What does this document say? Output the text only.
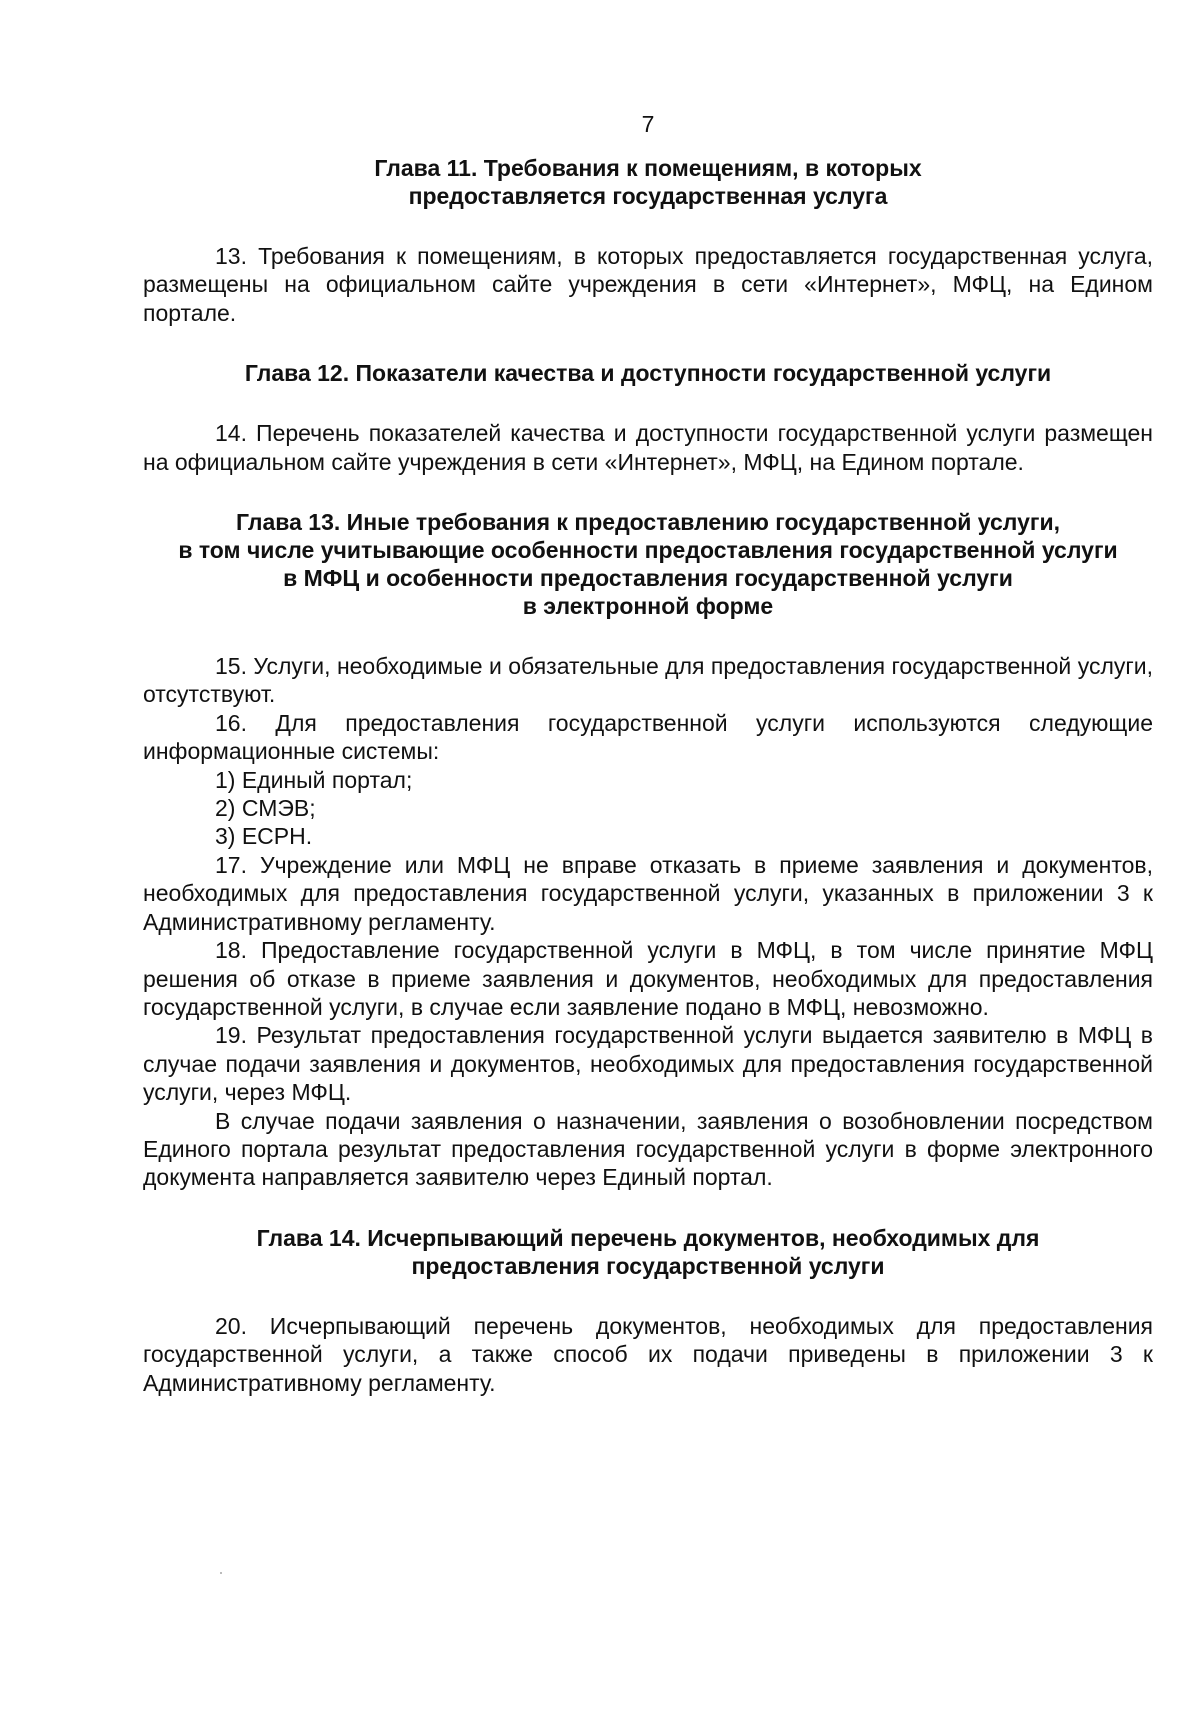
7
Глава 11. Требования к помещениям, в которых
предоставляется государственная услуга

13. Требования к помещениям, в которых предоставляется государственная услуга, размещены на официальном сайте учреждения в сети «Интернет», МФЦ, на Едином портале.

Глава 12. Показатели качества и доступности государственной услуги

14. Перечень показателей качества и доступности государственной услуги размещен на официальном сайте учреждения в сети «Интернет», МФЦ, на Едином портале.

Глава 13. Иные требования к предоставлению государственной услуги,
в том числе учитывающие особенности предоставления государственной услуги
в МФЦ и особенности предоставления государственной услуги
в электронной форме

15. Услуги, необходимые и обязательные для предоставления государственной услуги, отсутствуют.

16. Для предоставления государственной услуги используются следующие информационные системы:

1) Единый портал;

2) СМЭВ;

3) ЕСРН.

17. Учреждение или МФЦ не вправе отказать в приеме заявления и документов, необходимых для предоставления государственной услуги, указанных в приложении 3 к Административному регламенту.

18. Предоставление государственной услуги в МФЦ, в том числе принятие МФЦ решения об отказе в приеме заявления и документов, необходимых для предоставления государственной услуги, в случае если заявление подано в МФЦ, невозможно.

19. Результат предоставления государственной услуги выдается заявителю в МФЦ в случае подачи заявления и документов, необходимых для предоставления государственной услуги, через МФЦ.

В случае подачи заявления о назначении, заявления о возобновлении посредством Единого портала результат предоставления государственной услуги в форме электронного документа направляется заявителю через Единый портал.

Глава 14. Исчерпывающий перечень документов, необходимых для
предоставления государственной услуги

20. Исчерпывающий перечень документов, необходимых для предоставления государственной услуги, а также способ их подачи приведены в приложении 3 к Административному регламенту.
